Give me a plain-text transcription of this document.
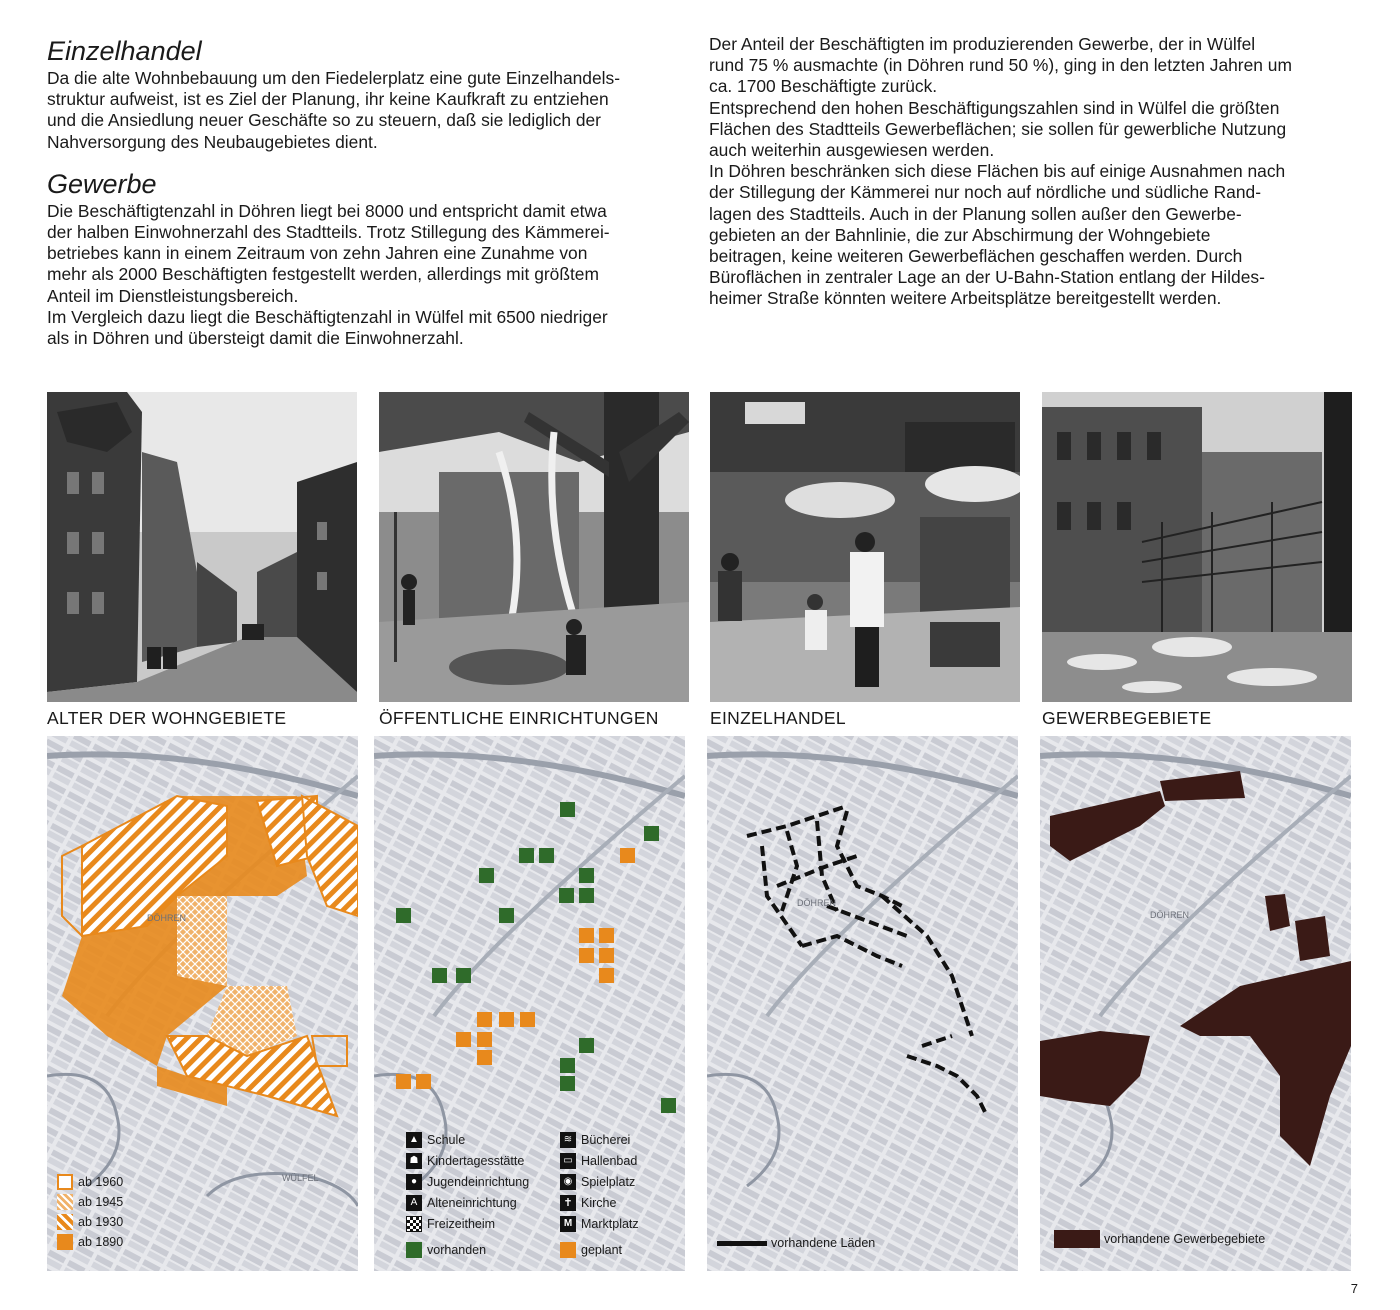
Einzelhandel

Da die alte Wohnbebauung um den Fiedelerplatz eine gute Einzelhandels-
struktur aufweist, ist es Ziel der Planung, ihr keine Kaufkraft zu entziehen
und die Ansiedlung neuer Geschäfte so zu steuern, daß sie lediglich der
Nahversorgung des Neubaugebietes dient.

Gewerbe

Die Beschäftigtenzahl in Döhren liegt bei 8000 und entspricht damit etwa
der halben Einwohnerzahl des Stadtteils. Trotz Stillegung des Kämmerei-
betriebes kann in einem Zeitraum von zehn Jahren eine Zunahme von
mehr als 2000 Beschäftigten festgestellt werden, allerdings mit größtem
Anteil im Dienstleistungsbereich.
Im Vergleich dazu liegt die Beschäftigtenzahl in Wülfel mit 6500 niedriger
als in Döhren und übersteigt damit die Einwohnerzahl.

Der Anteil der Beschäftigten im produzierenden Gewerbe, der in Wülfel
rund 75 % ausmachte (in Döhren rund 50 %), ging in den letzten Jahren um
ca. 1700 Beschäftigte zurück.
Entsprechend den hohen Beschäftigungszahlen sind in Wülfel die größten
Flächen des Stadtteils Gewerbeflächen; sie sollen für gewerbliche Nutzung
auch weiterhin ausgewiesen werden.
In Döhren beschränken sich diese Flächen bis auf einige Ausnahmen nach
der Stillegung der Kämmerei nur noch auf nördliche und südliche Rand-
lagen des Stadtteils. Auch in der Planung sollen außer den Gewerbe-
gebieten an der Bahnlinie, die zur Abschirmung der Wohngebiete
beitragen, keine weiteren Gewerbeflächen geschaffen werden. Durch
Büroflächen in zentraler Lage an der U-Bahn-Station entlang der Hildes-
heimer Straße könnten weitere Arbeitsplätze bereitgestellt werden.

ALTER DER WOHNGEBIETE	ÖFFENTLICHE EINRICHTUNGEN	EINZELHANDEL	GEWERBEGEBIETE
DÖHREN
WÜLFEL
ab 1960
ab 1945
ab 1930
ab 1890
▲ Schule
☗ Kindertagesstätte
● Jugendeinrichtung
A Alteneinrichtung
Freizeitheim
≋ Bücherei
▭ Hallenbad
◉ Spielplatz
✝ Kirche
M Marktplatz
vorhanden	geplant
DÖHREN
vorhandene Läden
DÖHREN
vorhandene Gewerbegebiete
7
